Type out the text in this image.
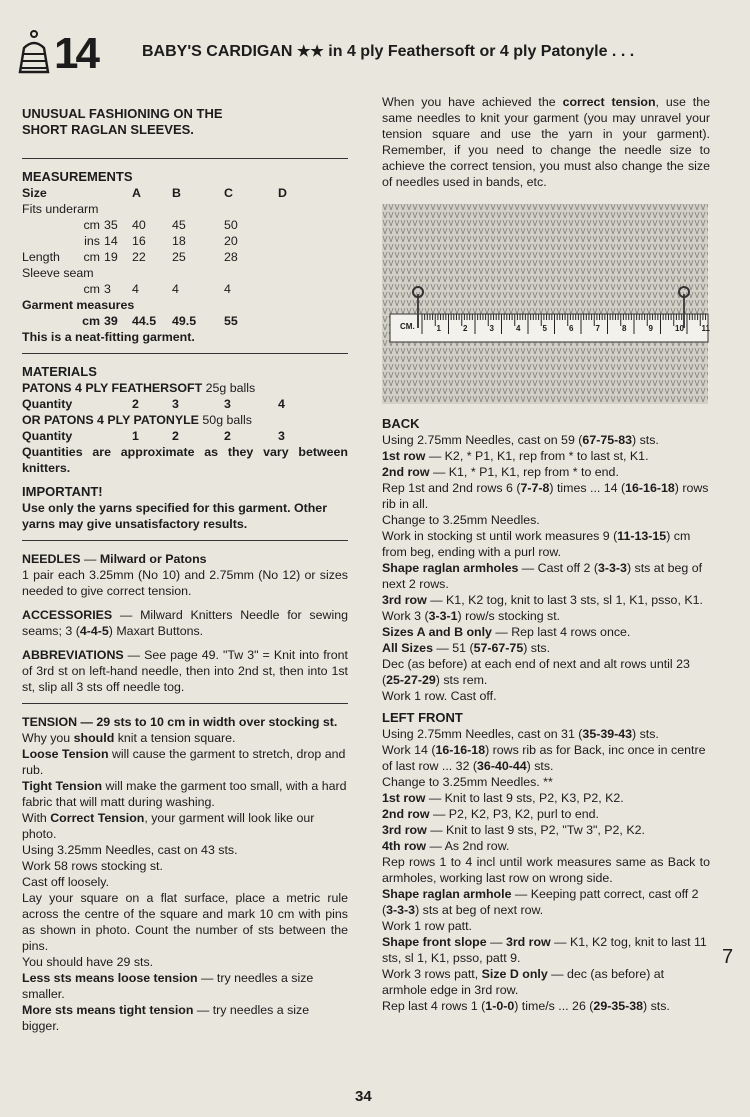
14	BABY'S CARDIGAN ★★ in 4 ply Feathersoft or 4 ply Patonyle . . .

UNUSUAL FASHIONING ON THE

SHORT RAGLAN SLEEVES.

MEASUREMENTS

Size		A	B	C	D
Fits underarm					
cm	35	40	45	50	
ins	14	16	18	20	
Length cm	19	22	25	28	
Sleeve seam					
cm	3	4	4	4	
Garment measures					
cm	39	44.5	49.5	55	

This is a neat-fitting garment.

MATERIALS

PATONS 4 PLY FEATHERSOFT 25g balls

Quantity	2	3	3	4

OR PATONS 4 PLY PATONYLE 50g balls

Quantity	1	2	2	3

Quantities are approximate as they vary between knitters.

IMPORTANT!

Use only the yarns specified for this garment. Other yarns may give unsatisfactory results.

NEEDLES — Milward or Patons

1 pair each 3.25mm (No 10) and 2.75mm (No 12) or sizes needed to give correct tension.

ACCESSORIES — Milward Knitters Needle for sewing seams; 3 (4-4-5) Maxart Buttons.

ABBREVIATIONS — See page 49. "Tw 3" = Knit into front of 3rd st on left-hand needle, then into 2nd st, then into 1st st, slip all 3 sts off needle tog.

TENSION — 29 sts to 10 cm in width over stocking st.

Why you should knit a tension square.

Loose Tension will cause the garment to stretch, drop and rub.

Tight Tension will make the garment too small, with a hard fabric that will matt during washing.

With Correct Tension, your garment will look like our photo.

Using 3.25mm Needles, cast on 43 sts.

Work 58 rows stocking st.

Cast off loosely.

Lay your square on a flat surface, place a metric rule across the centre of the square and mark 10 cm with pins as shown in photo. Count the number of sts between the pins.

You should have 29 sts.

Less sts means loose tension — try needles a size smaller.

More sts means tight tension — try needles a size bigger.

When you have achieved the correct tension, use the same needles to knit your garment (you may unravel your tension square and use the yarn in your garment). Remember, if you need to change the needle size to achieve the correct tension, you must also change the size of needles used in bands, etc.

CM.	1	2	3	4	5	6	7	8	9	10 11

BACK

Using 2.75mm Needles, cast on 59 (67-75-83) sts.

1st row — K2, * P1, K1, rep from * to last st, K1.

2nd row — K1, * P1, K1, rep from * to end.

Rep 1st and 2nd rows 6 (7-7-8) times ... 14 (16-16-18) rows rib in all.

Change to 3.25mm Needles.

Work in stocking st until work measures 9 (11-13-15) cm from beg, ending with a purl row.

Shape raglan armholes — Cast off 2 (3-3-3) sts at beg of next 2 rows.

3rd row — K1, K2 tog, knit to last 3 sts, sl 1, K1, psso, K1.

Work 3 (3-3-1) row/s stocking st.

Sizes A and B only — Rep last 4 rows once.

All Sizes — 51 (57-67-75) sts.

Dec (as before) at each end of next and alt rows until 23 (25-27-29) sts rem.

Work 1 row. Cast off.

LEFT FRONT

Using 2.75mm Needles, cast on 31 (35-39-43) sts.

Work 14 (16-16-18) rows rib as for Back, inc once in centre of last row ... 32 (36-40-44) sts.

Change to 3.25mm Needles. **

1st row — Knit to last 9 sts, P2, K3, P2, K2.

2nd row — P2, K2, P3, K2, purl to end.

3rd row — Knit to last 9 sts, P2, "Tw 3", P2, K2.

4th row — As 2nd row.

Rep rows 1 to 4 incl until work measures same as Back to armholes, working last row on wrong side.

Shape raglan armhole — Keeping patt correct, cast off 2 (3-3-3) sts at beg of next row.

Work 1 row patt.

Shape front slope — 3rd row — K1, K2 tog, knit to last 11 sts, sl 1, K1, psso, patt 9.

Work 3 rows patt, Size D only — dec (as before) at armhole edge in 3rd row.

Rep last 4 rows 1 (1-0-0) time/s ... 26 (29-35-38) sts.

34
7
